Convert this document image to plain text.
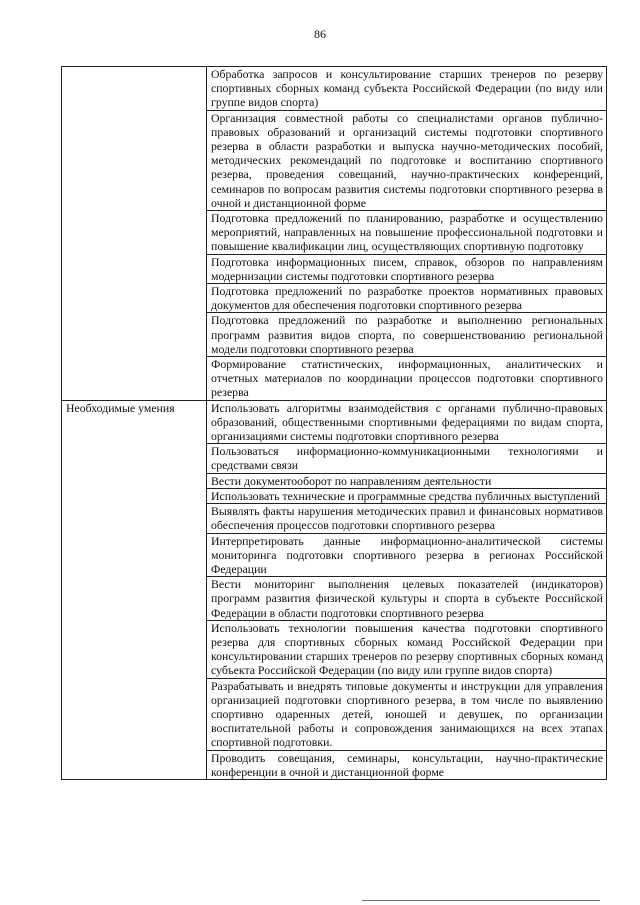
86
	Обработка запросов и консультирование старших тренеров по резерву спортивных сборных команд субъекта Российской Федерации (по виду или группе видов спорта)
	Организация совместной работы со специалистами органов публично-правовых образований и организаций системы подготовки спортивного резерва в области разработки и выпуска научно-методических пособий, методических рекомендаций по подготовке и воспитанию спортивного резерва, проведения совещаний, научно-практических конференций, семинаров по вопросам развития системы подготовки спортивного резерва в очной и дистанционной форме
	Подготовка предложений по планированию, разработке и осуществлению мероприятий, направленных на повышение профессиональной подготовки и повышение квалификации лиц, осуществляющих спортивную подготовку
	Подготовка информационных писем, справок, обзоров по направлениям модернизации системы подготовки спортивного резерва
	Подготовка предложений по разработке проектов нормативных правовых документов для обеспечения подготовки спортивного резерва
	Подготовка предложений по разработке и выполнению региональных программ развития видов спорта, по совершенствованию региональной модели подготовки спортивного резерва
	Формирование статистических, информационных, аналитических и отчетных материалов по координации процессов подготовки спортивного резерва
Необходимые умения	Использовать алгоритмы взаимодействия с органами публично-правовых образований, общественными спортивными федерациями по видам спорта, организациями системы подготовки спортивного резерва
	Пользоваться информационно-коммуникационными технологиями и средствами связи
	Вести документооборот по направлениям деятельности
	Использовать технические и программные средства публичных выступлений
	Выявлять факты нарушения методических правил и финансовых нормативов обеспечения процессов подготовки спортивного резерва
	Интерпретировать данные информационно-аналитической системы мониторинга подготовки спортивного резерва в регионах Российской Федерации
	Вести мониторинг выполнения целевых показателей (индикаторов) программ развития физической культуры и спорта в субъекте Российской Федерации в области подготовки спортивного резерва
	Использовать технологии повышения качества подготовки спортивного резерва для спортивных сборных команд Российской Федерации при консультировании старших тренеров по резерву спортивных сборных команд субъекта Российской Федерации (по виду или группе видов спорта)
	Разрабатывать и внедрять типовые документы и инструкции для управления организацией подготовки спортивного резерва, в том числе по выявлению спортивно одаренных детей, юношей и девушек, по организации воспитательной работы и сопровождения занимающихся на всех этапах спортивной подготовки.
	Проводить совещания, семинары, консультации, научно-практические конференции в очной и дистанционной форме
